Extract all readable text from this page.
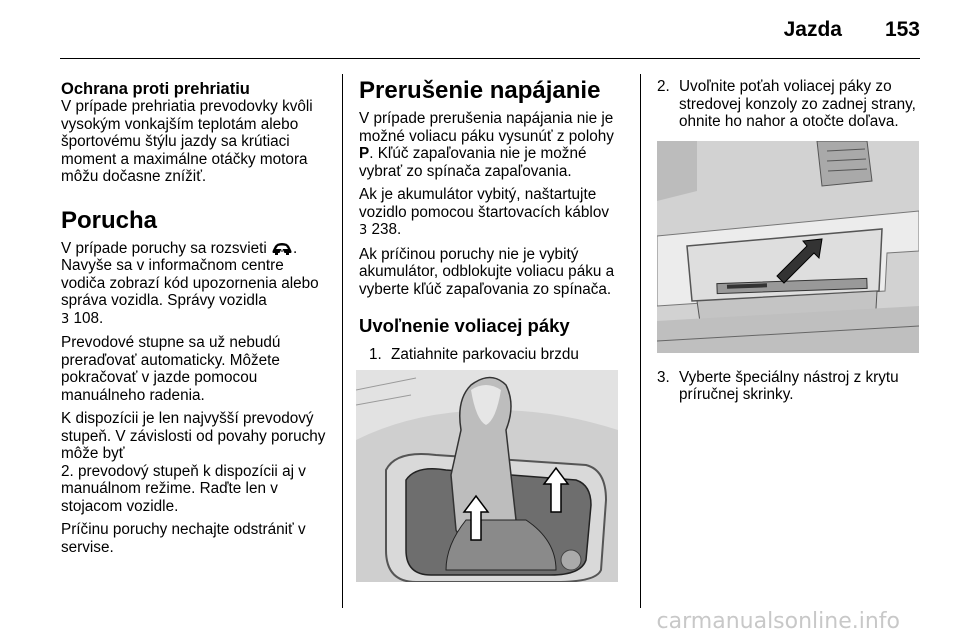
Jazda 153
Ochrana proti prehriatiu

V prípade prehriatia prevodovky kvôli vysokým vonkajším teplotám alebo športovému štýlu jazdy sa krútiaci moment a maximálne otáčky motora môžu dočasne znížiť.

Porucha

V prípade poruchy sa rozsvieti . Navyše sa v informačnom centre vodiča zobrazí kód upozornenia alebo správa vozidla. Správy vozidla
3 108.

Prevodové stupne sa už nebudú preraďovať automaticky. Môžete pokračovať v jazde pomocou manuálneho radenia.

K dispozícii je len najvyšší prevodový stupeň. V závislosti od povahy poruchy môže byť
2. prevodový stupeň k dispozícii aj v manuálnom režime. Raďte len v stojacom vozidle.

Príčinu poruchy nechajte odstrániť v servise.

Prerušenie napájanie

V prípade prerušenia napájania nie je možné voliacu páku vysunúť z polohy
P. Kľúč zapaľovania nie je možné vybrať zo spínača zapaľovania.

Ak je akumulátor vybitý, naštartujte vozidlo pomocou štartovacích káblov
3 238.

Ak príčinou poruchy nie je vybitý akumulátor, odblokujte voliacu páku a vyberte kľúč zapaľovania zo spínača.

Uvoľnenie voliacej páky
1. Zatiahnite parkovaciu brzdu
2. Uvoľnite poťah voliacej páky zo stredovej konzoly zo zadnej strany, ohnite ho nahor a otočte doľava.
3. Vyberte špeciálny nástroj z krytu príručnej skrinky.
carmanualsonline.info
